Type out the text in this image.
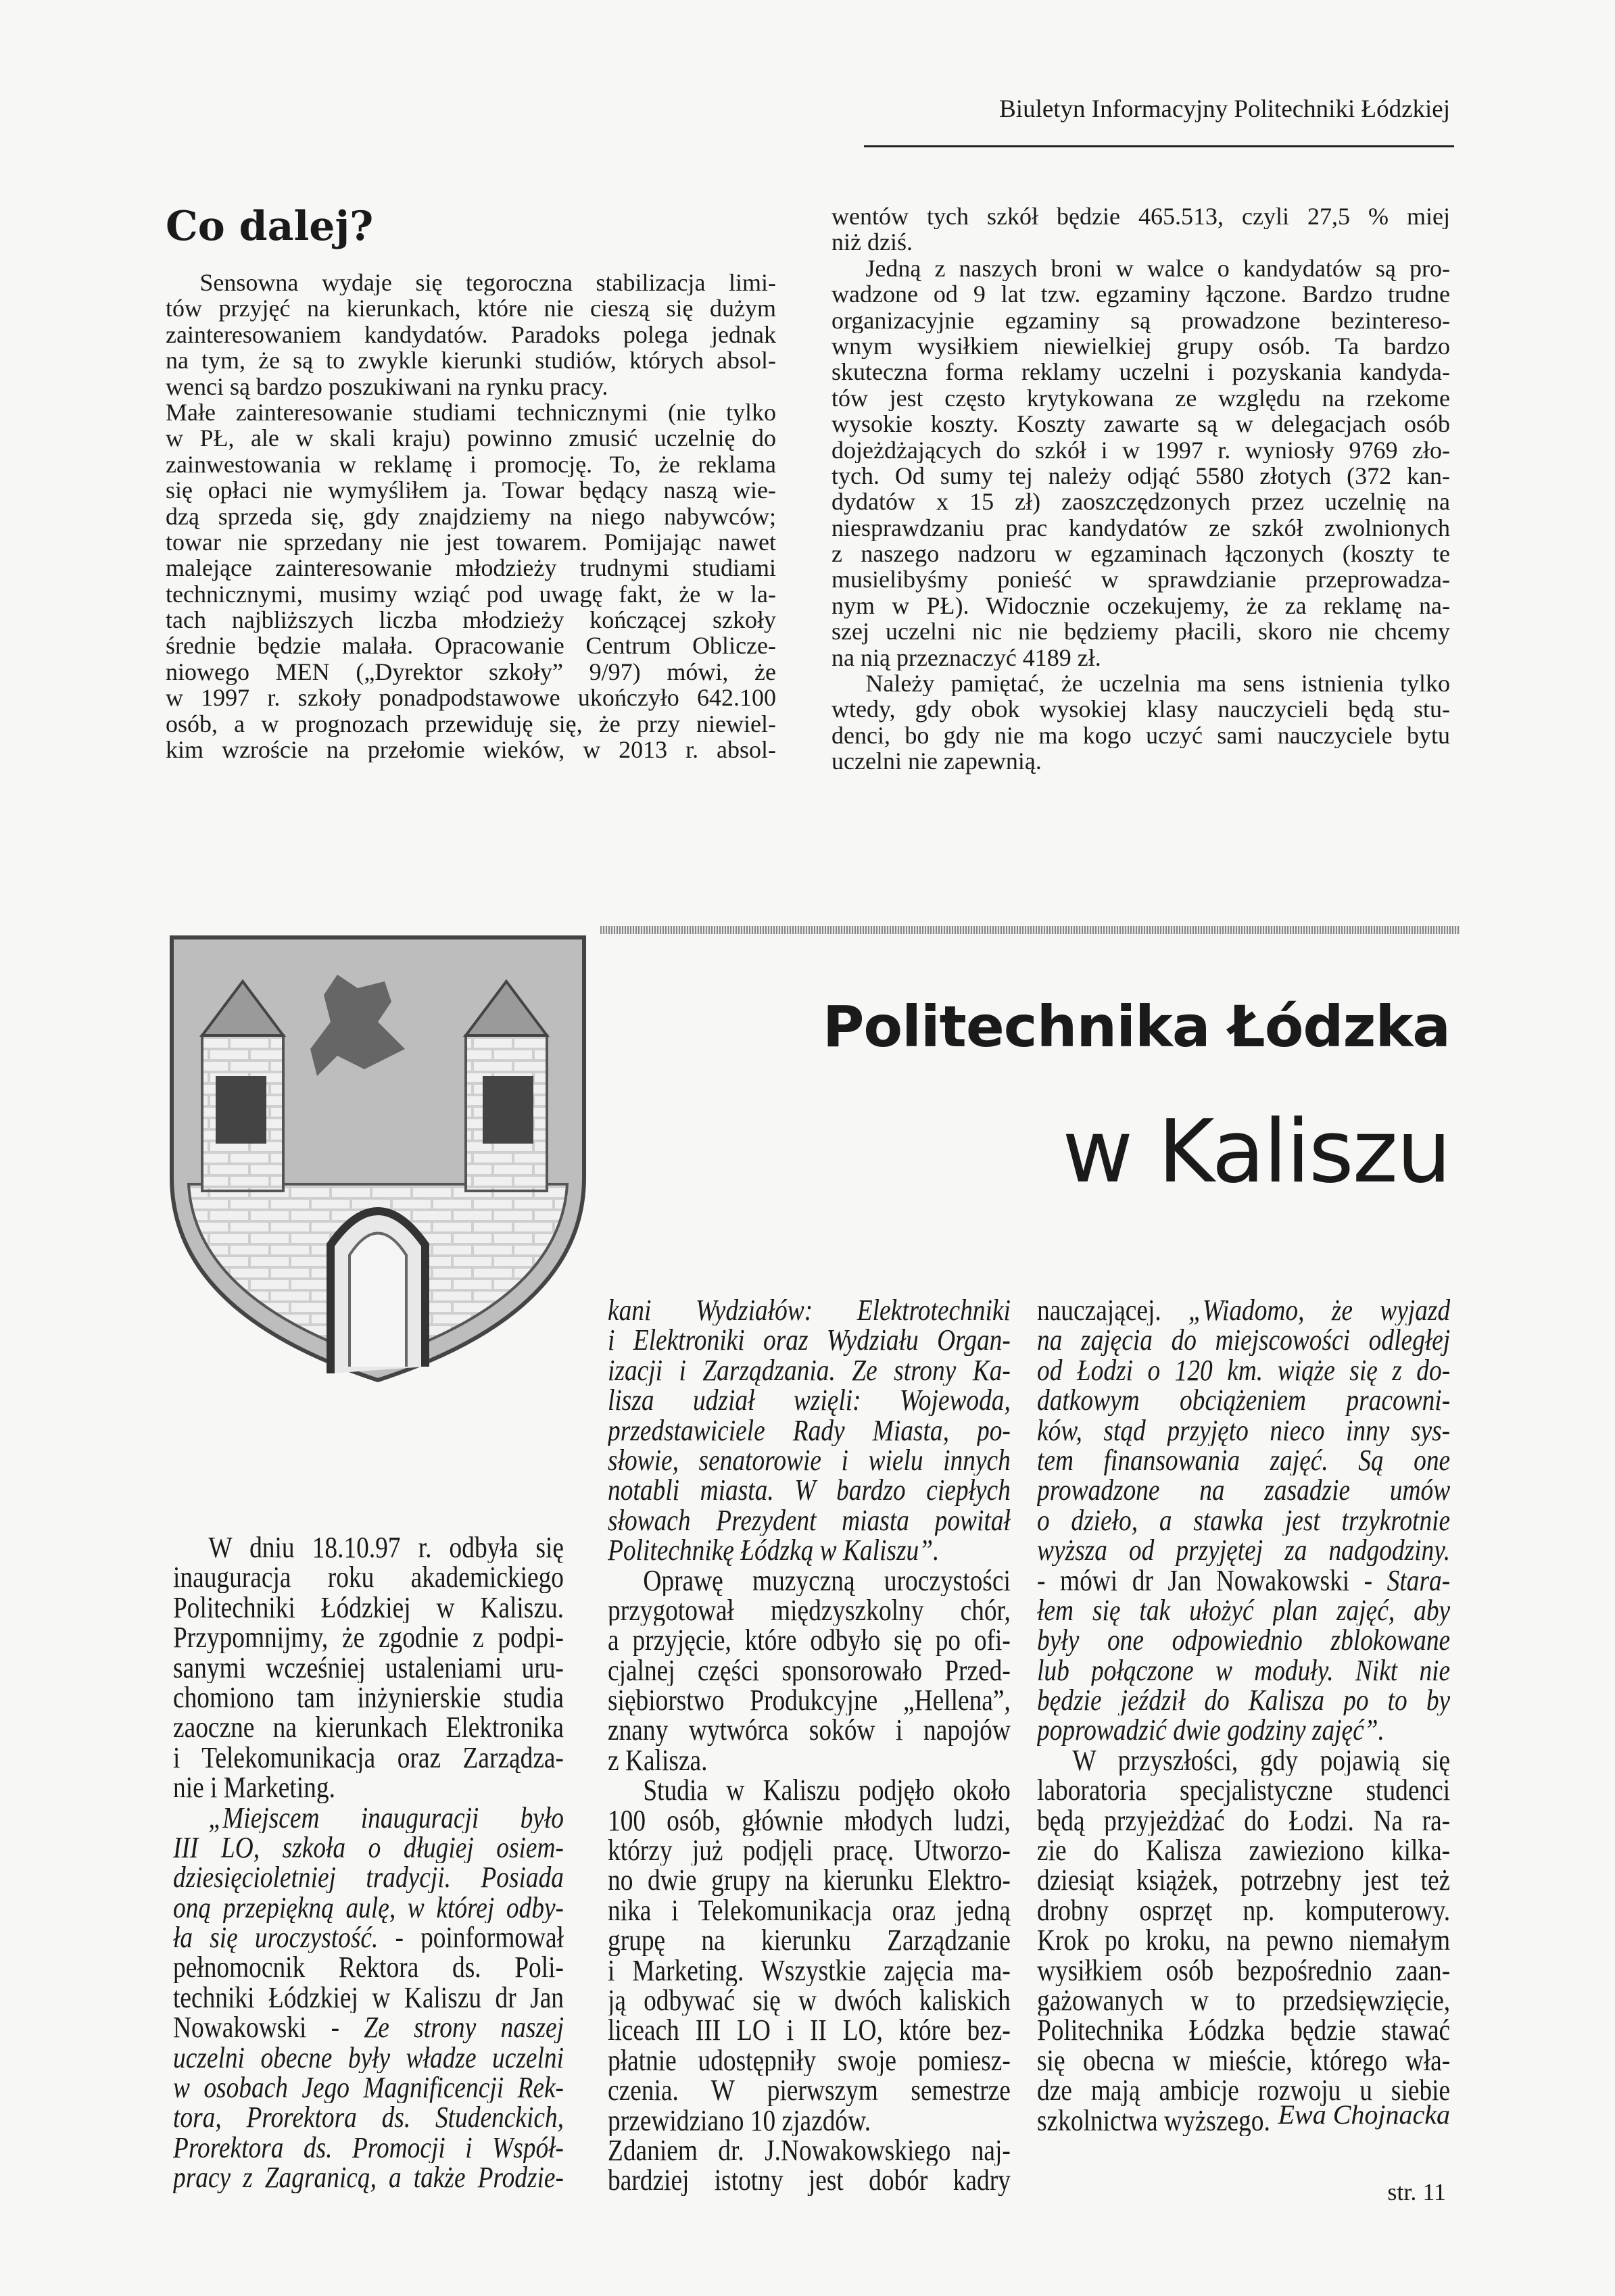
Biuletyn Informacyjny Politechniki Łódzkiej
Co dalej?
Sensowna wydaje się tegoroczna stabilizacja limi-
tów przyjęć na kierunkach, które nie cieszą się dużym
zainteresowaniem kandydatów. Paradoks polega jednak
na tym, że są to zwykle kierunki studiów, których absol-
wenci są bardzo poszukiwani na rynku pracy.
Małe zainteresowanie studiami technicznymi (nie tylko
w PŁ, ale w skali kraju) powinno zmusić uczelnię do
zainwestowania w reklamę i promocję. To, że reklama
się opłaci nie wymyśliłem ja. Towar będący naszą wie-
dzą sprzeda się, gdy znajdziemy na niego nabywców;
towar nie sprzedany nie jest towarem. Pomijając nawet
malejące zainteresowanie młodzieży trudnymi studiami
technicznymi, musimy wziąć pod uwagę fakt, że w la-
tach najbliższych liczba młodzieży kończącej szkoły
średnie będzie malała. Opracowanie Centrum Oblicze-
niowego MEN („Dyrektor szkoły” 9/97) mówi, że
w 1997 r. szkoły ponadpodstawowe ukończyło 642.100
osób, a w prognozach przewiduję się, że przy niewiel-
kim wzroście na przełomie wieków, w 2013 r. absol-
wentów tych szkół będzie 465.513, czyli 27,5 % miej
niż dziś.
Jedną z naszych broni w walce o kandydatów są pro-
wadzone od 9 lat tzw. egzaminy łączone. Bardzo trudne
organizacyjnie egzaminy są prowadzone bezintereso-
wnym wysiłkiem niewielkiej grupy osób. Ta bardzo
skuteczna forma reklamy uczelni i pozyskania kandyda-
tów jest często krytykowana ze względu na rzekome
wysokie koszty. Koszty zawarte są w delegacjach osób
dojeżdżających do szkół i w 1997 r. wyniosły 9769 zło-
tych. Od sumy tej należy odjąć 5580 złotych (372 kan-
dydatów x 15 zł) zaoszczędzonych przez uczelnię na
niesprawdzaniu prac kandydatów ze szkół zwolnionych
z naszego nadzoru w egzaminach łączonych (koszty te
musielibyśmy ponieść w sprawdzianie przeprowadza-
nym w PŁ). Widocznie oczekujemy, że za reklamę na-
szej uczelni nic nie będziemy płacili, skoro nie chcemy
na nią przeznaczyć 4189 zł.
Należy pamiętać, że uczelnia ma sens istnienia tylko
wtedy, gdy obok wysokiej klasy nauczycieli będą stu-
denci, bo gdy nie ma kogo uczyć sami nauczyciele bytu
uczelni nie zapewnią.
Politechnika Łódzka
w Kaliszu
W dniu 18.10.97 r. odbyła się
inauguracja roku akademickiego
Politechniki Łódzkiej w Kaliszu.
Przypomnijmy, że zgodnie z podpi-
sanymi wcześniej ustaleniami uru-
chomiono tam inżynierskie studia
zaoczne na kierunkach Elektronika
i Telekomunikacja oraz Zarządza-
nie i Marketing.
„Miejscem inauguracji było
III LO, szkoła o długiej osiem-
dziesięcioletniej tradycji. Posiada
oną przepiękną aulę, w której odby-
ła się uroczystość. - poinformował
pełnomocnik Rektora ds. Poli-
techniki Łódzkiej w Kaliszu dr Jan
Nowakowski - Ze strony naszej
uczelni obecne były władze uczelni
w osobach Jego Magnificencji Rek-
tora, Prorektora ds. Studenckich,
Prorektora ds. Promocji i Współ-
pracy z Zagranicą, a także Prodzie-
kani Wydziałów: Elektrotechniki
i Elektroniki oraz Wydziału Organ-
izacji i Zarządzania. Ze strony Ka-
lisza udział wzięli: Wojewoda,
przedstawiciele Rady Miasta, po-
słowie, senatorowie i wielu innych
notabli miasta. W bardzo ciepłych
słowach Prezydent miasta powitał
Politechnikę Łódzką w Kaliszu”.
Oprawę muzyczną uroczystości
przygotował międzyszkolny chór,
a przyjęcie, które odbyło się po ofi-
cjalnej części sponsorowało Przed-
siębiorstwo Produkcyjne „Hellena”,
znany wytwórca soków i napojów
z Kalisza.
Studia w Kaliszu podjęło około
100 osób, głównie młodych ludzi,
którzy już podjęli pracę. Utworzo-
no dwie grupy na kierunku Elektro-
nika i Telekomunikacja oraz jedną
grupę na kierunku Zarządzanie
i Marketing. Wszystkie zajęcia ma-
ją odbywać się w dwóch kaliskich
liceach III LO i II LO, które bez-
płatnie udostępniły swoje pomiesz-
czenia. W pierwszym semestrze
przewidziano 10 zjazdów.
Zdaniem dr. J.Nowakowskiego naj-
bardziej istotny jest dobór kadry
nauczającej. „Wiadomo, że wyjazd
na zajęcia do miejscowości odległej
od Łodzi o 120 km. wiąże się z do-
datkowym obciążeniem pracowni-
ków, stąd przyjęto nieco inny sys-
tem finansowania zajęć. Są one
prowadzone na zasadzie umów
o dzieło, a stawka jest trzykrotnie
wyższa od przyjętej za nadgodziny.
- mówi dr Jan Nowakowski - Stara-
łem się tak ułożyć plan zajęć, aby
były one odpowiednio zblokowane
lub połączone w moduły. Nikt nie
będzie jeździł do Kalisza po to by
poprowadzić dwie godziny zajęć”.
W przyszłości, gdy pojawią się
laboratoria specjalistyczne studenci
będą przyjeżdżać do Łodzi. Na ra-
zie do Kalisza zawieziono kilka-
dziesiąt książek, potrzebny jest też
drobny osprzęt np. komputerowy.
Krok po kroku, na pewno niemałym
wysiłkiem osób bezpośrednio zaan-
gażowanych w to przedsięwzięcie,
Politechnika Łódzka będzie stawać
się obecna w mieście, którego wła-
dze mają ambicje rozwoju u siebie
szkolnictwa wyższego. Ewa Chojnacka
str. 11
